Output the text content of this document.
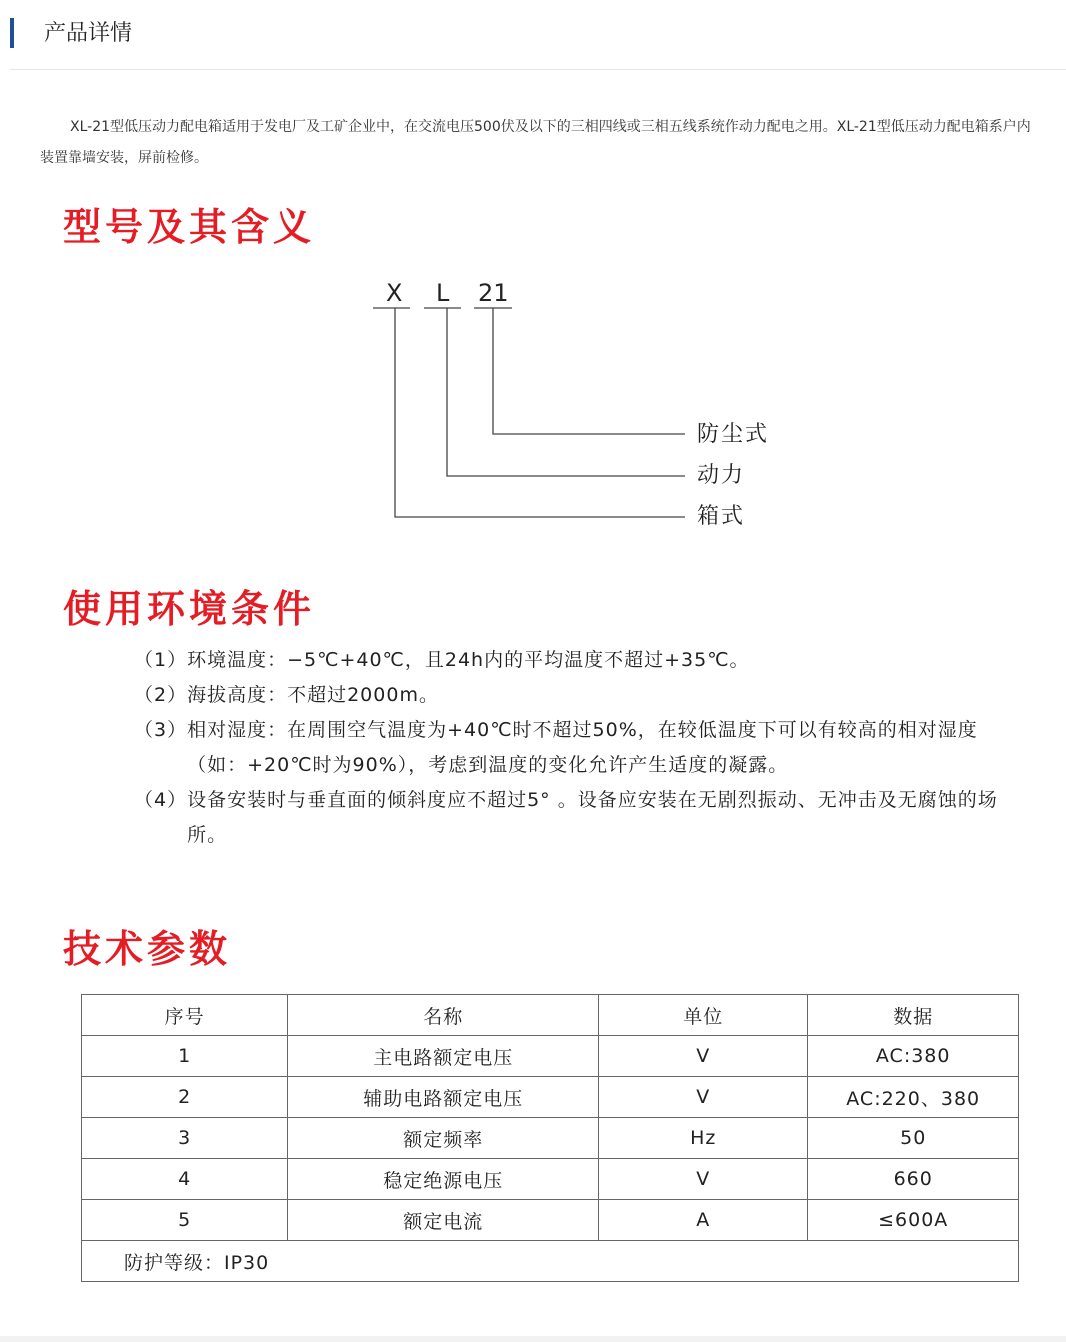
产品详情
XL-21型低压动力配电箱适用于发电厂及工矿企业中，在交流电压500伏及以下的三相四线或三相五线系统作动力配电之用。XL-21型低压动力配电箱系户内装置靠墙安装，屏前检修。
型号及其含义
X L 21
防尘式
动力
箱式
使用环境条件
（1） 环境温度：−5℃+40℃，且24h内的平均温度不超过+35℃。
（2） 海拔高度：不超过2000m。
（3） 相对湿度：在周围空气温度为+40℃时不超过50%，在较低温度下可以有较高的相对湿度（如：+20℃时为90%），考虑到温度的变化允许产生适度的凝露。
（4） 设备安装时与垂直面的倾斜度应不超过5° 。设备应安装在无剧烈振动、无冲击及无腐蚀的场所。
技术参数
序号	名称	单位	数据
1	主电路额定电压	V	AC:380
2	辅助电路额定电压	V	AC:220、380
3	额定频率	Hz	50
4	稳定绝源电压	V	660
5	额定电流	A	≤600A
防护等级：IP30			
